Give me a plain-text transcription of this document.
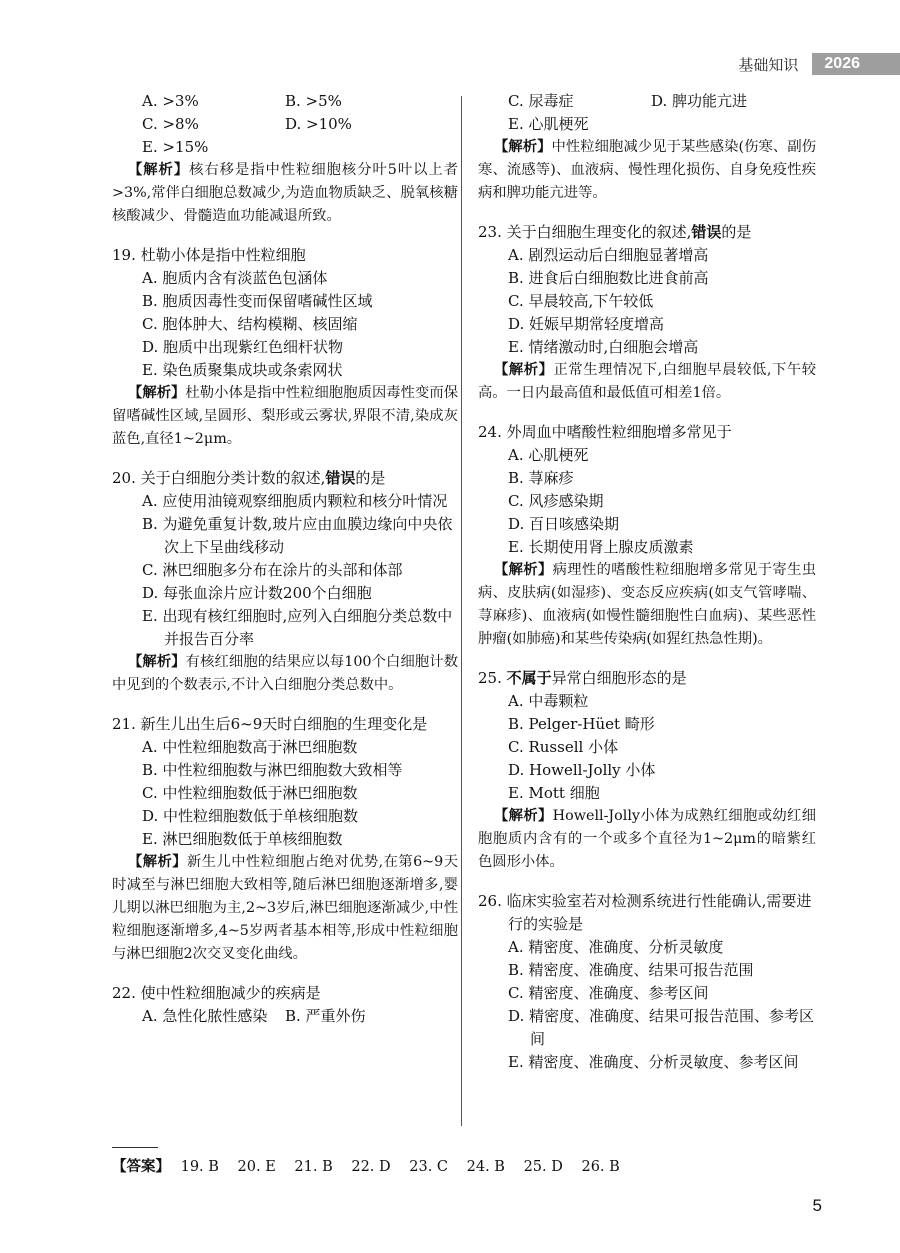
基础知识	2026
A. >3%	B. >5%
C. >8%	D. >10%
E. >15%
【解析】核右移是指中性粒细胞核分叶5叶以上者>3%,常伴白细胞总数减少,为造血物质缺乏、脱氧核糖核酸减少、骨髓造血功能减退所致。
19. 杜勒小体是指中性粒细胞
A. 胞质内含有淡蓝色包涵体
B. 胞质因毒性变而保留嗜碱性区域
C. 胞体肿大、结构模糊、核固缩
D. 胞质中出现紫红色细杆状物
E. 染色质聚集成块或条索网状
【解析】杜勒小体是指中性粒细胞胞质因毒性变而保留嗜碱性区域,呈圆形、梨形或云雾状,界限不清,染成灰蓝色,直径1~2μm。
20. 关于白细胞分类计数的叙述,错误的是
A. 应使用油镜观察细胞质内颗粒和核分叶情况
B. 为避免重复计数,玻片应由血膜边缘向中央依次上下呈曲线移动
C. 淋巴细胞多分布在涂片的头部和体部
D. 每张血涂片应计数200个白细胞
E. 出现有核红细胞时,应列入白细胞分类总数中并报告百分率
【解析】有核红细胞的结果应以每100个白细胞计数中见到的个数表示,不计入白细胞分类总数中。
21. 新生儿出生后6~9天时白细胞的生理变化是
A. 中性粒细胞数高于淋巴细胞数
B. 中性粒细胞数与淋巴细胞数大致相等
C. 中性粒细胞数低于淋巴细胞数
D. 中性粒细胞数低于单核细胞数
E. 淋巴细胞数低于单核细胞数
【解析】新生儿中性粒细胞占绝对优势,在第6~9天时减至与淋巴细胞大致相等,随后淋巴细胞逐渐增多,婴儿期以淋巴细胞为主,2~3岁后,淋巴细胞逐渐减少,中性粒细胞逐渐增多,4~5岁两者基本相等,形成中性粒细胞与淋巴细胞2次交叉变化曲线。
22. 使中性粒细胞减少的疾病是
A. 急性化脓性感染	B. 严重外伤
C. 尿毒症	D. 脾功能亢进
E. 心肌梗死
【解析】中性粒细胞减少见于某些感染(伤寒、副伤寒、流感等)、血液病、慢性理化损伤、自身免疫性疾病和脾功能亢进等。
23. 关于白细胞生理变化的叙述,错误的是
A. 剧烈运动后白细胞显著增高
B. 进食后白细胞数比进食前高
C. 早晨较高,下午较低
D. 妊娠早期常轻度增高
E. 情绪激动时,白细胞会增高
【解析】正常生理情况下,白细胞早晨较低,下午较高。一日内最高值和最低值可相差1倍。
24. 外周血中嗜酸性粒细胞增多常见于
A. 心肌梗死
B. 荨麻疹
C. 风疹感染期
D. 百日咳感染期
E. 长期使用肾上腺皮质激素
【解析】病理性的嗜酸性粒细胞增多常见于寄生虫病、皮肤病(如湿疹)、变态反应疾病(如支气管哮喘、荨麻疹)、血液病(如慢性髓细胞性白血病)、某些恶性肿瘤(如肺癌)和某些传染病(如猩红热急性期)。
25. 不属于异常白细胞形态的是
A. 中毒颗粒
B. Pelger-Hüet 畸形
C. Russell 小体
D. Howell-Jolly 小体
E. Mott 细胞
【解析】Howell-Jolly小体为成熟红细胞或幼红细胞胞质内含有的一个或多个直径为1~2μm的暗紫红色圆形小体。
26. 临床实验室若对检测系统进行性能确认,需要进行的实验是
A. 精密度、准确度、分析灵敏度
B. 精密度、准确度、结果可报告范围
C. 精密度、准确度、参考区间
D. 精密度、准确度、结果可报告范围、参考区间
E. 精密度、准确度、分析灵敏度、参考区间
【答案】 19. B 20. E 21. B 22. D 23. C 24. B 25. D 26. B
5
